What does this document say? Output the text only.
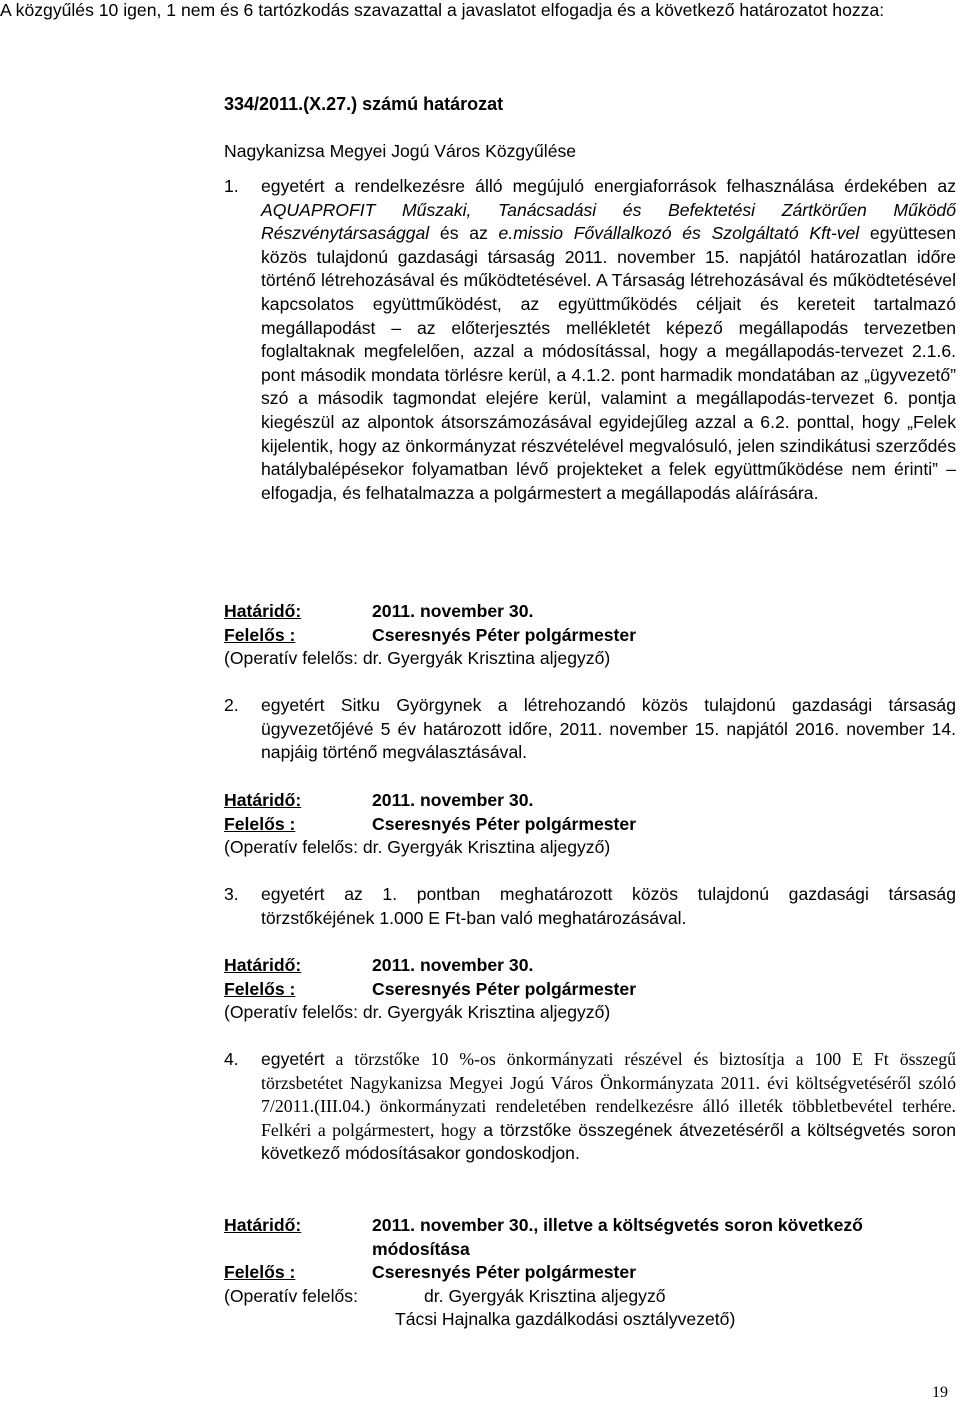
A közgyűlés 10 igen, 1 nem és 6 tartózkodás szavazattal a javaslatot elfogadja és a következő határozatot hozza:
334/2011.(X.27.) számú határozat
Nagykanizsa Megyei Jogú Város Közgyűlése
1. egyetért a rendelkezésre álló megújuló energiaforrások felhasználása érdekében az AQUAPROFIT Műszaki, Tanácsadási és Befektetési Zártkörűen Működő Részvénytársasággal és az e.missio Fővállalkozó és Szolgáltató Kft-vel együttesen közös tulajdonú gazdasági társaság 2011. november 15. napjától határozatlan időre történő létrehozásával és működtetésével. A Társaság létrehozásával és működtetésével kapcsolatos együttműködést, az együttműködés céljait és kereteit tartalmazó megállapodást – az előterjesztés mellékletét képező megállapodás tervezetben foglaltaknak megfelelően, azzal a módosítással, hogy a megállapodás-tervezet 2.1.6. pont második mondata törlésre kerül, a 4.1.2. pont harmadik mondatában az „ügyvezető” szó a második tagmondat elejére kerül, valamint a megállapodás-tervezet 6. pontja kiegészül az alpontok átsorszámozásával egyidejűleg azzal a 6.2. ponttal, hogy „Felek kijelentik, hogy az önkormányzat részvételével megvalósuló, jelen szindikátusi szerződés hatálybalépésekor folyamatban lévő projekteket a felek együttműködése nem érinti” – elfogadja, és felhatalmazza a polgármestert a megállapodás aláírására.
Határidő:	2011. november 30.
Felelős :	Cseresnyés Péter polgármester
(Operatív felelős: dr. Gyergyák Krisztina aljegyző)
2. egyetért Sitku Györgynek a létrehozandó közös tulajdonú gazdasági társaság ügyvezetőjévé 5 év határozott időre, 2011. november 15. napjától 2016. november 14. napjáig történő megválasztásával.
Határidő:	2011. november 30.
Felelős :	Cseresnyés Péter polgármester
(Operatív felelős: dr. Gyergyák Krisztina aljegyző)
3. egyetért az 1. pontban meghatározott közös tulajdonú gazdasági társaság törzstőkéjének 1.000 E Ft-ban való meghatározásával.
Határidő:	2011. november 30.
Felelős :	Cseresnyés Péter polgármester
(Operatív felelős: dr. Gyergyák Krisztina aljegyző)
4. egyetért a törzstőke 10 %-os önkormányzati részével és biztosítja a 100 E Ft összegű törzsbetétet Nagykanizsa Megyei Jogú Város Önkormányzata 2011. évi költségvetéséről szóló 7/2011.(III.04.) önkormányzati rendeletében rendelkezésre álló illeték többletbevétel terhére. Felkéri a polgármestert, hogy a törzstőke összegének átvezetéséről a költségvetés soron következő módosításakor gondoskodjon.
Határidő:	2011. november 30., illetve a költségvetés soron következő módosítása
Felelős :	Cseresnyés Péter polgármester
(Operatív felelős:	dr. Gyergyák Krisztina aljegyző
Tácsi Hajnalka gazdálkodási osztályvezető)
19
